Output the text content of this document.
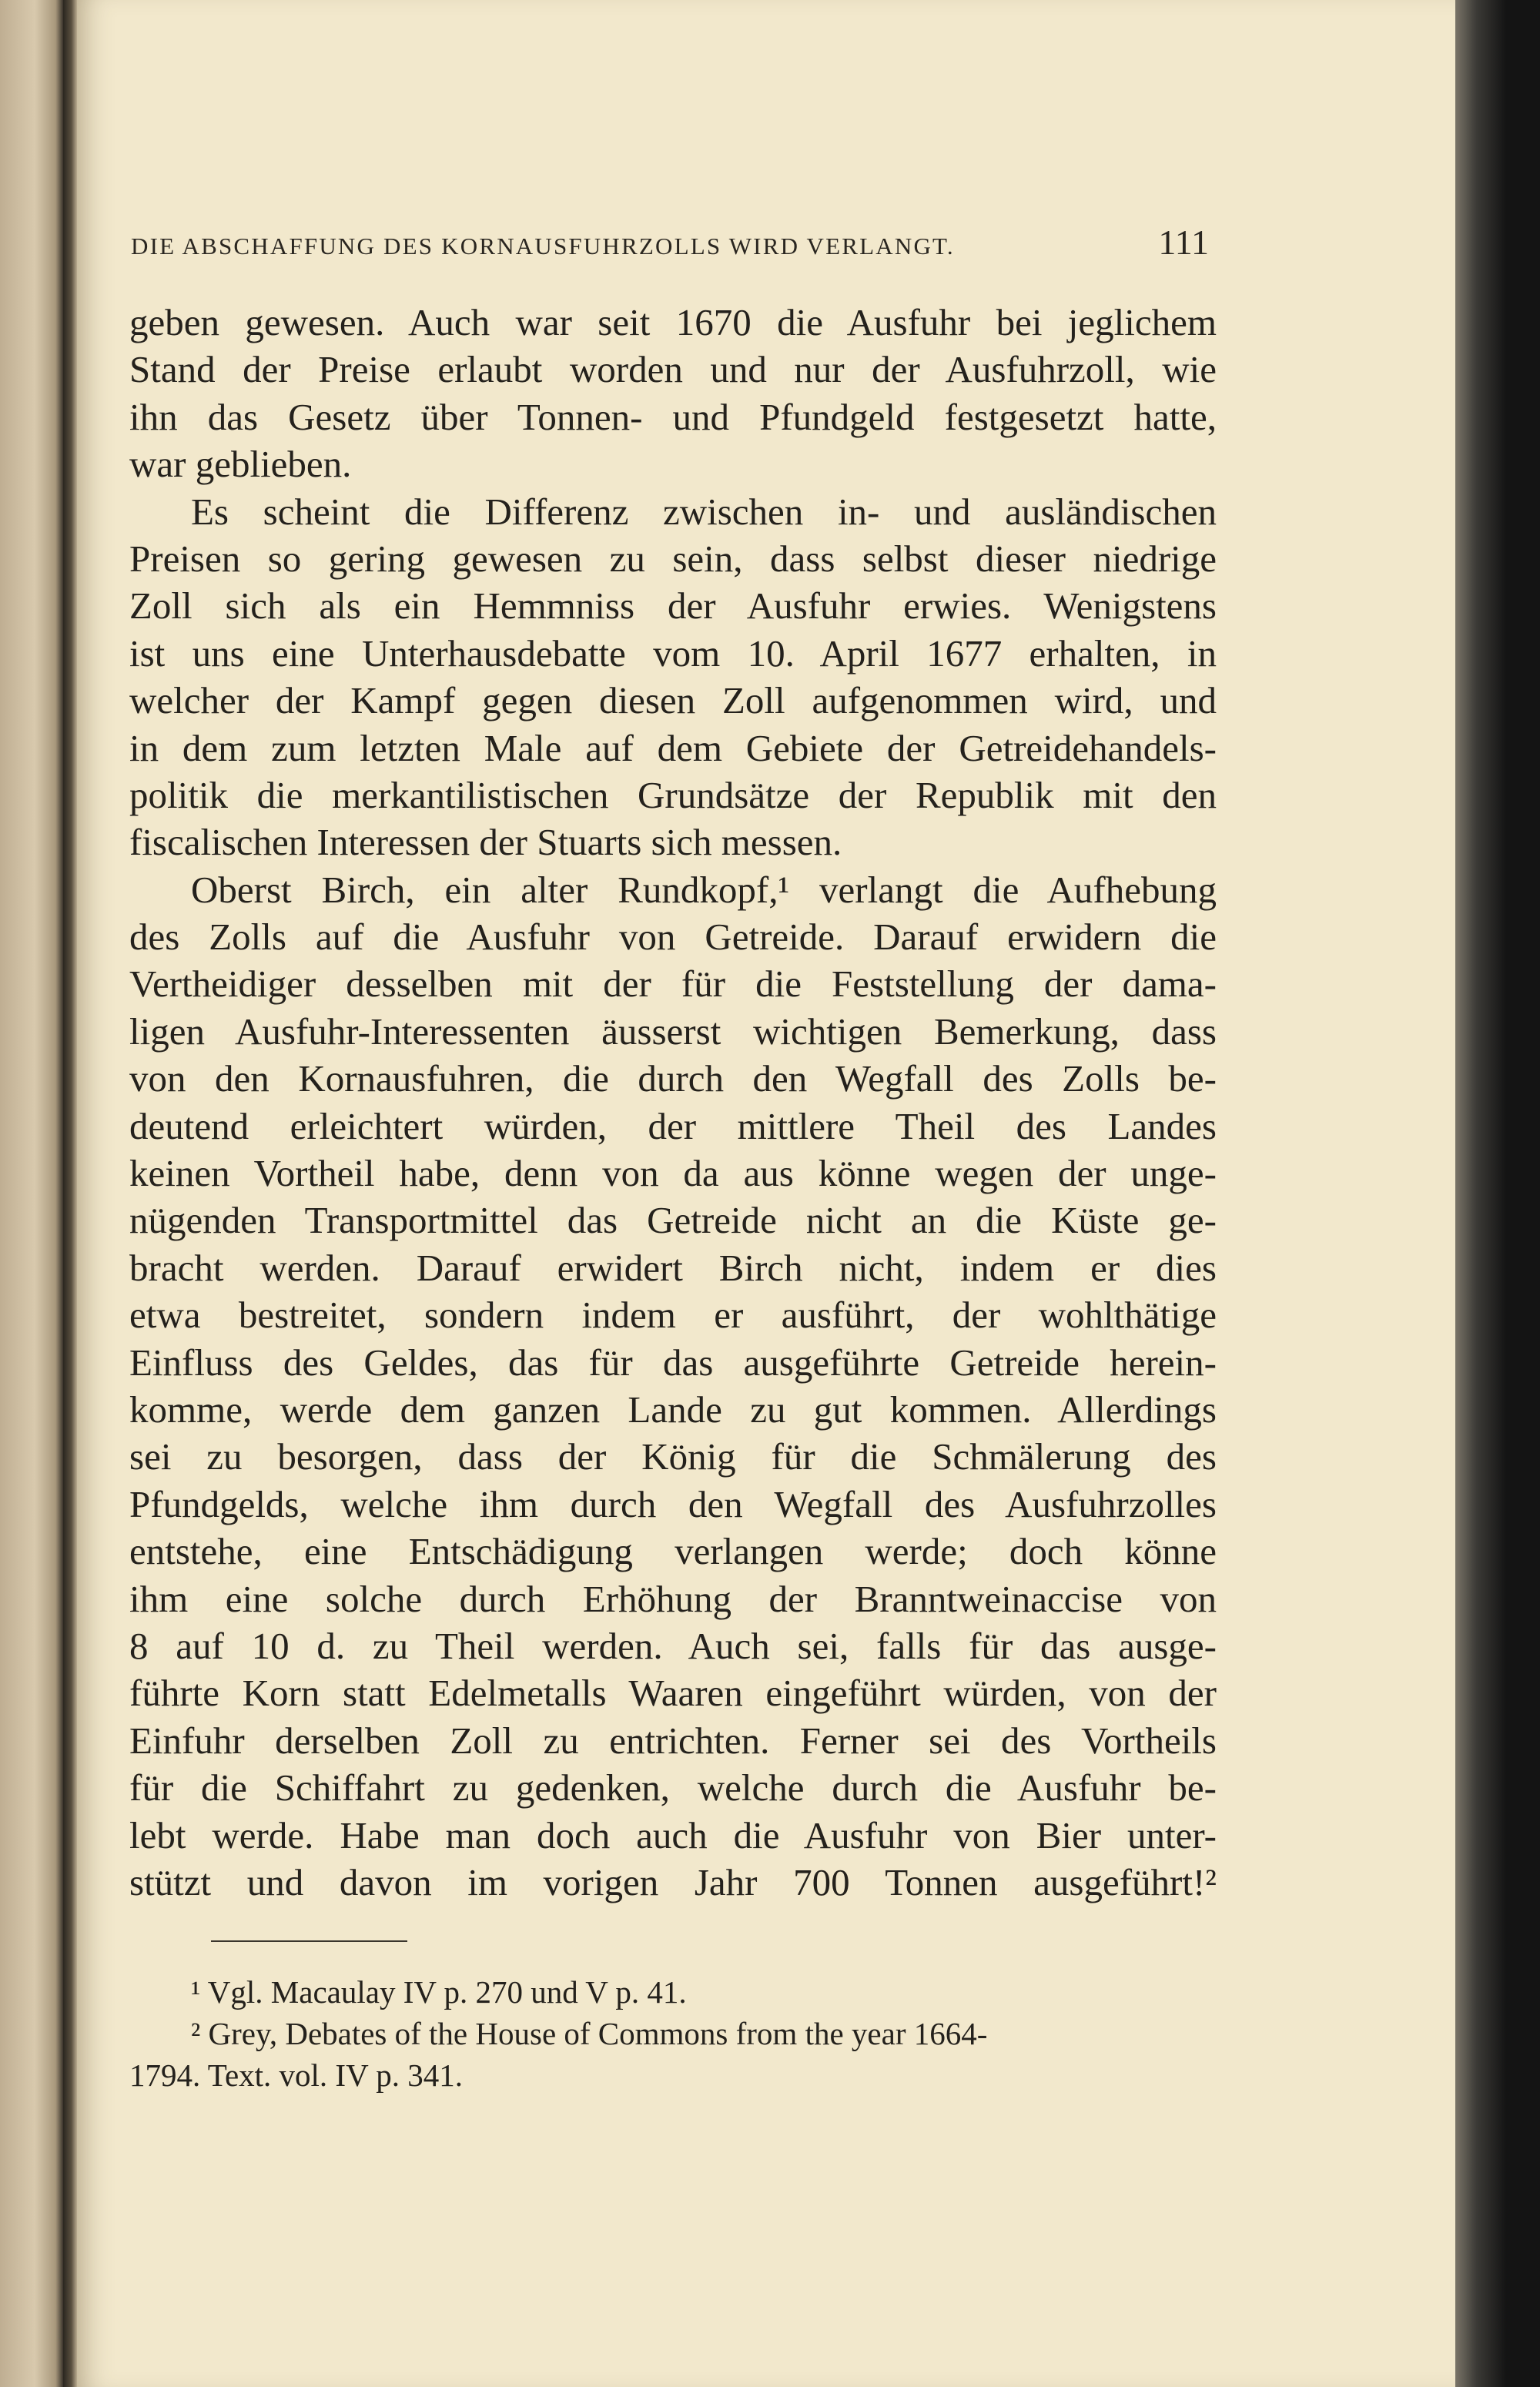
DIE ABSCHAFFUNG DES KORNAUSFUHRZOLLS WIRD VERLANGT.	111
geben gewesen. Auch war seit 1670 die Ausfuhr bei jeglichem
Stand der Preise erlaubt worden und nur der Ausfuhrzoll, wie
ihn das Gesetz über Tonnen- und Pfundgeld festgesetzt hatte,
war geblieben.
Es scheint die Differenz zwischen in- und ausländischen
Preisen so gering gewesen zu sein, dass selbst dieser niedrige
Zoll sich als ein Hemmniss der Ausfuhr erwies. Wenigstens
ist uns eine Unterhausdebatte vom 10. April 1677 erhalten, in
welcher der Kampf gegen diesen Zoll aufgenommen wird, und
in dem zum letzten Male auf dem Gebiete der Getreidehandels-
politik die merkantilistischen Grundsätze der Republik mit den
fiscalischen Interessen der Stuarts sich messen.
Oberst Birch, ein alter Rundkopf,¹ verlangt die Aufhebung
des Zolls auf die Ausfuhr von Getreide. Darauf erwidern die
Vertheidiger desselben mit der für die Feststellung der dama-
ligen Ausfuhr-Interessenten äusserst wichtigen Bemerkung, dass
von den Kornausfuhren, die durch den Wegfall des Zolls be-
deutend erleichtert würden, der mittlere Theil des Landes
keinen Vortheil habe, denn von da aus könne wegen der unge-
nügenden Transportmittel das Getreide nicht an die Küste ge-
bracht werden. Darauf erwidert Birch nicht, indem er dies
etwa bestreitet, sondern indem er ausführt, der wohlthätige
Einfluss des Geldes, das für das ausgeführte Getreide herein-
komme, werde dem ganzen Lande zu gut kommen. Allerdings
sei zu besorgen, dass der König für die Schmälerung des
Pfundgelds, welche ihm durch den Wegfall des Ausfuhrzolles
entstehe, eine Entschädigung verlangen werde; doch könne
ihm eine solche durch Erhöhung der Branntweinaccise von
8 auf 10 d. zu Theil werden. Auch sei, falls für das ausge-
führte Korn statt Edelmetalls Waaren eingeführt würden, von der
Einfuhr derselben Zoll zu entrichten. Ferner sei des Vortheils
für die Schiffahrt zu gedenken, welche durch die Ausfuhr be-
lebt werde. Habe man doch auch die Ausfuhr von Bier unter-
stützt und davon im vorigen Jahr 700 Tonnen ausgeführt!²
¹ Vgl. Macaulay IV p. 270 und V p. 41.
² Grey, Debates of the House of Commons from the year 1664-
1794. Text. vol. IV p. 341.
